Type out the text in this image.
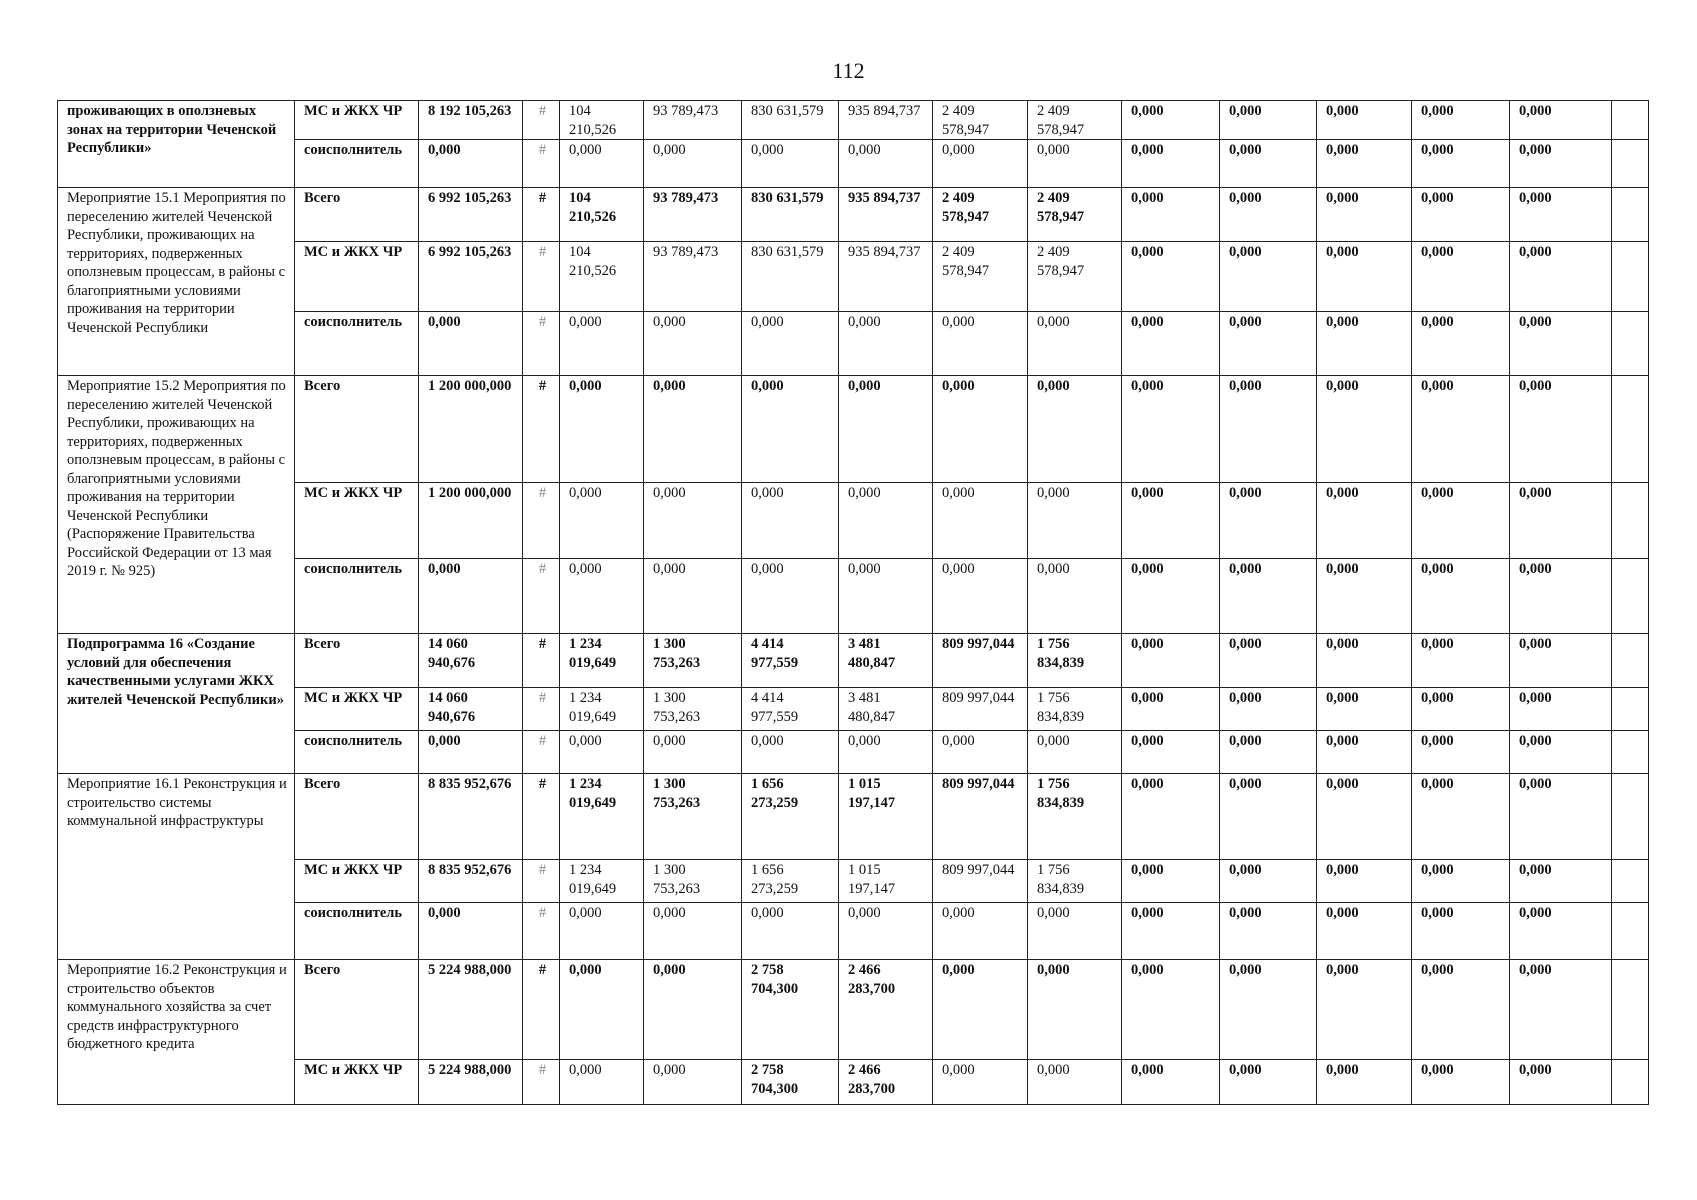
112
проживающих в оползневых зонах на территории Чеченской Республики»	МС и ЖКХ ЧР	8 192 105,263	#	104 210,526	93 789,473	830 631,579	935 894,737	2 409 578,947	2 409 578,947	0,000	0,000	0,000	0,000	0,000	
	соисполнитель	0,000	#	0,000	0,000	0,000	0,000	0,000	0,000	0,000	0,000	0,000	0,000	0,000	
Мероприятие 15.1 Мероприятия по переселению жителей Чеченской Республики, проживающих на территориях, подверженных оползневым процессам, в районы с благоприятными условиями проживания на территории Чеченской Республики	Всего	6 992 105,263	#	104 210,526	93 789,473	830 631,579	935 894,737	2 409 578,947	2 409 578,947	0,000	0,000	0,000	0,000	0,000	
	МС и ЖКХ ЧР	6 992 105,263	#	104 210,526	93 789,473	830 631,579	935 894,737	2 409 578,947	2 409 578,947	0,000	0,000	0,000	0,000	0,000	
	соисполнитель	0,000	#	0,000	0,000	0,000	0,000	0,000	0,000	0,000	0,000	0,000	0,000	0,000	
Мероприятие 15.2 Мероприятия по переселению жителей Чеченской Республики, проживающих на территориях, подверженных оползневым процессам, в районы с благоприятными условиями проживания на территории Чеченской Республики (Распоряжение Правительства Российской Федерации от 13 мая 2019 г. № 925)	Всего	1 200 000,000	#	0,000	0,000	0,000	0,000	0,000	0,000	0,000	0,000	0,000	0,000	0,000	
	МС и ЖКХ ЧР	1 200 000,000	#	0,000	0,000	0,000	0,000	0,000	0,000	0,000	0,000	0,000	0,000	0,000	
	соисполнитель	0,000	#	0,000	0,000	0,000	0,000	0,000	0,000	0,000	0,000	0,000	0,000	0,000	
Подпрограмма 16 «Создание условий для обеспечения качественными услугами ЖКХ жителей Чеченской Республики»	Всего	14 060 940,676	#	1 234 019,649	1 300 753,263	4 414 977,559	3 481 480,847	809 997,044	1 756 834,839	0,000	0,000	0,000	0,000	0,000	
	МС и ЖКХ ЧР	14 060 940,676	#	1 234 019,649	1 300 753,263	4 414 977,559	3 481 480,847	809 997,044	1 756 834,839	0,000	0,000	0,000	0,000	0,000	
	соисполнитель	0,000	#	0,000	0,000	0,000	0,000	0,000	0,000	0,000	0,000	0,000	0,000	0,000	
Мероприятие 16.1 Реконструкция и строительство системы коммунальной инфраструктуры	Всего	8 835 952,676	#	1 234 019,649	1 300 753,263	1 656 273,259	1 015 197,147	809 997,044	1 756 834,839	0,000	0,000	0,000	0,000	0,000	
	МС и ЖКХ ЧР	8 835 952,676	#	1 234 019,649	1 300 753,263	1 656 273,259	1 015 197,147	809 997,044	1 756 834,839	0,000	0,000	0,000	0,000	0,000	
	соисполнитель	0,000	#	0,000	0,000	0,000	0,000	0,000	0,000	0,000	0,000	0,000	0,000	0,000	
Мероприятие 16.2 Реконструкция и строительство объектов коммунального хозяйства за счет средств инфраструктурного бюджетного кредита	Всего	5 224 988,000	#	0,000	0,000	2 758 704,300	2 466 283,700	0,000	0,000	0,000	0,000	0,000	0,000	0,000	
	МС и ЖКХ ЧР	5 224 988,000	#	0,000	0,000	2 758 704,300	2 466 283,700	0,000	0,000	0,000	0,000	0,000	0,000	0,000	
